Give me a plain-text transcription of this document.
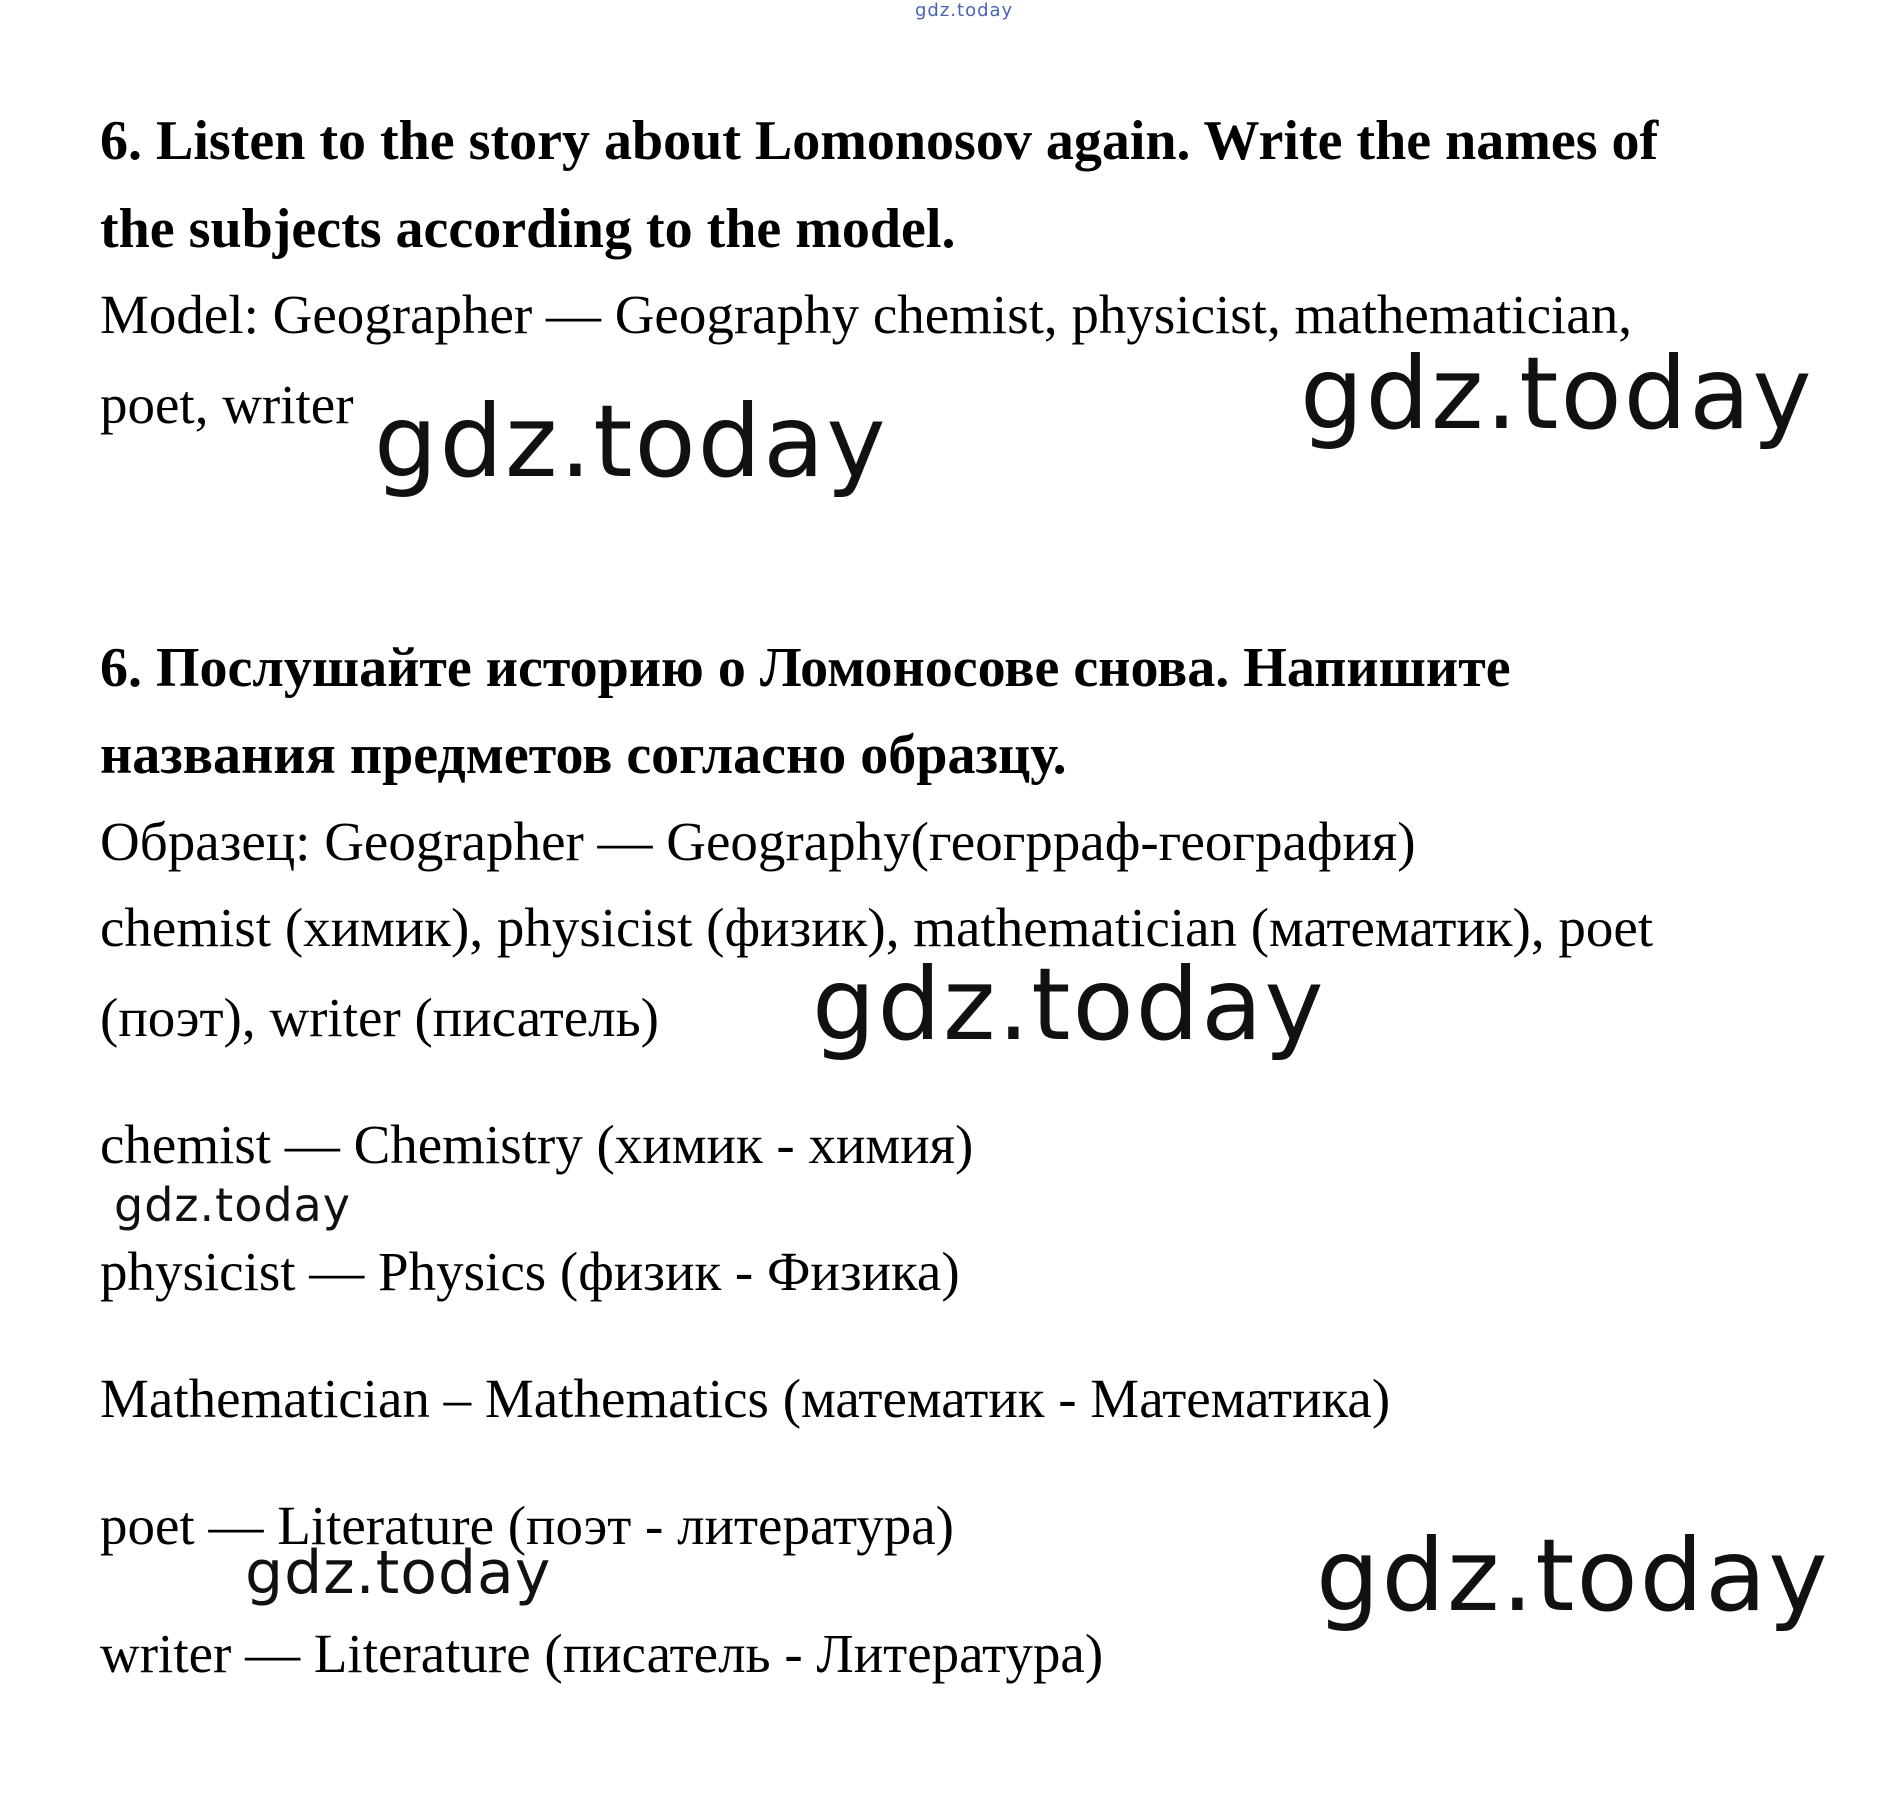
gdz.today

6. Listen to the story about Lomonosov again. Write the names of

the subjects according to the model.

Model: Geographer — Geography chemist, physicist, mathematician,

poet, writer	gdz.today
gdz.today

6. Послушайте историю о Ломоносове снова. Напишите

названия предметов согласно образцу.

Образец: Geographer — Geography(геогрраф-география)

chemist (химик), physicist (физик), mathematician (математик), poet

(поэт), writer (писатель) gdz.today

chemist — Chemistry (химик - химия)

gdz.today

physicist — Physics (физик - Физика)

Mathematician – Mathematics (математик - Математика)

poet — Literature (поэт - литература)

gdz.today	gdz.today

writer — Literature (писатель - Литература)
